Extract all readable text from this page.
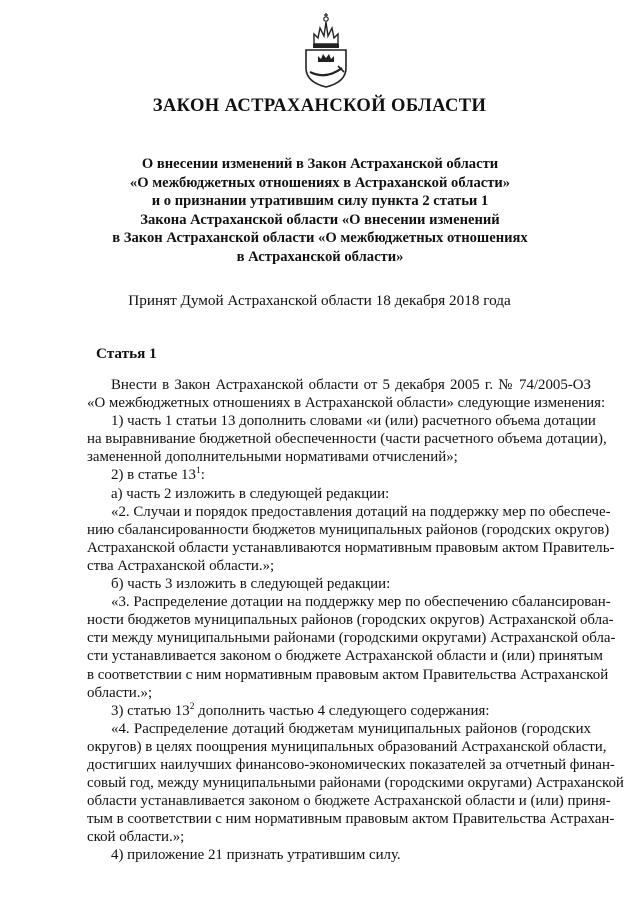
ЗАКОН АСТРАХАНСКОЙ ОБЛАСТИ
О внесении изменений в Закон Астраханской области
«О межбюджетных отношениях в Астраханской области»
и о признании утратившим силу пункта 2 статьи 1
Закона Астраханской области «О внесении изменений
в Закон Астраханской области «О межбюджетных отношениях
в Астраханской области»
Принят Думой Астраханской области 18 декабря 2018 года
Статья 1
Внести в Закон Астраханской области от 5 декабря 2005 г. № 74/2005-ОЗ
«О межбюджетных отношениях в Астраханской области» следующие изменения:
1) часть 1 статьи 13 дополнить словами «и (или) расчетного объема дотации
на выравнивание бюджетной обеспеченности (части расчетного объема дотации),
замененной дополнительными нормативами отчислений»;
2) в статье $13^1$:
а) часть 2 изложить в следующей редакции:
«2. Случаи и порядок предоставления дотаций на поддержку мер по обеспече-
нию сбалансированности бюджетов муниципальных районов (городских округов)
Астраханской области устанавливаются нормативным правовым актом Правитель-
ства Астраханской области.»;
б) часть 3 изложить в следующей редакции:
«3. Распределение дотации на поддержку мер по обеспечению сбалансирован-
ности бюджетов муниципальных районов (городских округов) Астраханской обла-
сти между муниципальными районами (городскими округами) Астраханской обла-
сти устанавливается законом о бюджете Астраханской области и (или) принятым
в соответствии с ним нормативным правовым актом Правительства Астраханской
области.»;
3) статью $13^2$ дополнить частью 4 следующего содержания:
«4. Распределение дотаций бюджетам муниципальных районов (городских
округов) в целях поощрения муниципальных образований Астраханской области,
достигших наилучших финансово-экономических показателей за отчетный финан-
совый год, между муниципальными районами (городскими округами) Астраханской
области устанавливается законом о бюджете Астраханской области и (или) приня-
тым в соответствии с ним нормативным правовым актом Правительства Астрахан-
ской области.»;
4) приложение 21 признать утратившим силу.
